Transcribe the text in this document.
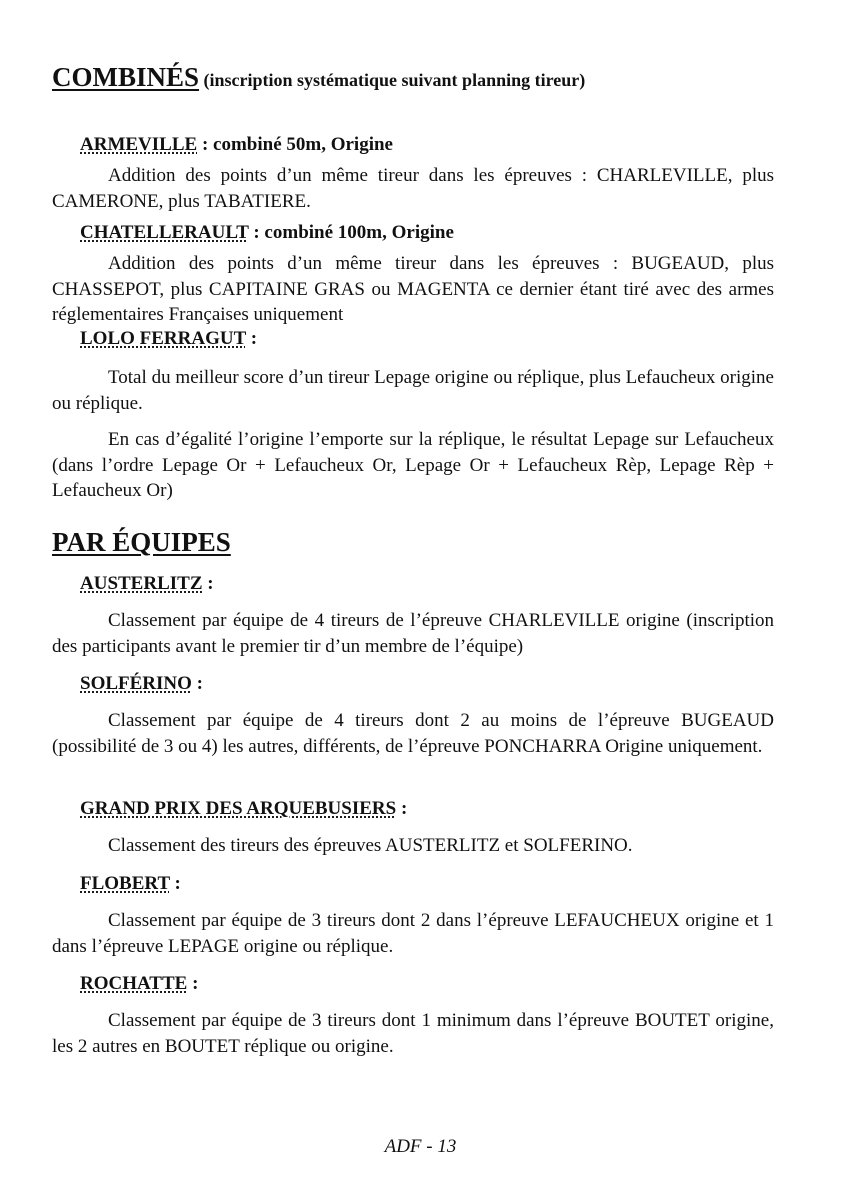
COMBINÉS (inscription systématique suivant planning tireur)
ARMEVILLE : combiné 50m, Origine
Addition des points d’un même tireur dans les épreuves : CHARLEVILLE, plus CAMERONE, plus TABATIERE.
CHATELLERAULT : combiné 100m, Origine
Addition des points d’un même tireur dans les épreuves : BUGEAUD, plus CHASSEPOT, plus CAPITAINE GRAS ou MAGENTA ce dernier étant tiré avec des armes réglementaires Françaises uniquement
LOLO FERRAGUT :
Total du meilleur score d’un tireur Lepage origine ou réplique, plus Lefaucheux origine ou réplique.
En cas d’égalité l’origine l’emporte sur la réplique, le résultat Lepage sur Lefaucheux (dans l’ordre Lepage Or + Lefaucheux Or, Lepage Or + Lefaucheux Rèp, Lepage Rèp + Lefaucheux Or)
PAR ÉQUIPES
AUSTERLITZ :
Classement par équipe de 4 tireurs de l’épreuve CHARLEVILLE origine (inscription des participants avant le premier tir d’un membre de l’équipe)
SOLFÉRINO :
Classement par équipe de 4 tireurs dont 2 au moins de l’épreuve BUGEAUD (possibilité de 3 ou 4) les autres, différents, de l’épreuve PONCHARRA Origine uniquement.
GRAND PRIX DES ARQUEBUSIERS :
Classement des tireurs des épreuves AUSTERLITZ et SOLFERINO.
FLOBERT :
Classement par équipe de 3 tireurs dont 2 dans l’épreuve LEFAUCHEUX origine et 1 dans l’épreuve LEPAGE origine ou réplique.
ROCHATTE :
Classement par équipe de 3 tireurs dont 1 minimum dans l’épreuve BOUTET origine, les 2 autres en BOUTET réplique ou origine.
ADF - 13
